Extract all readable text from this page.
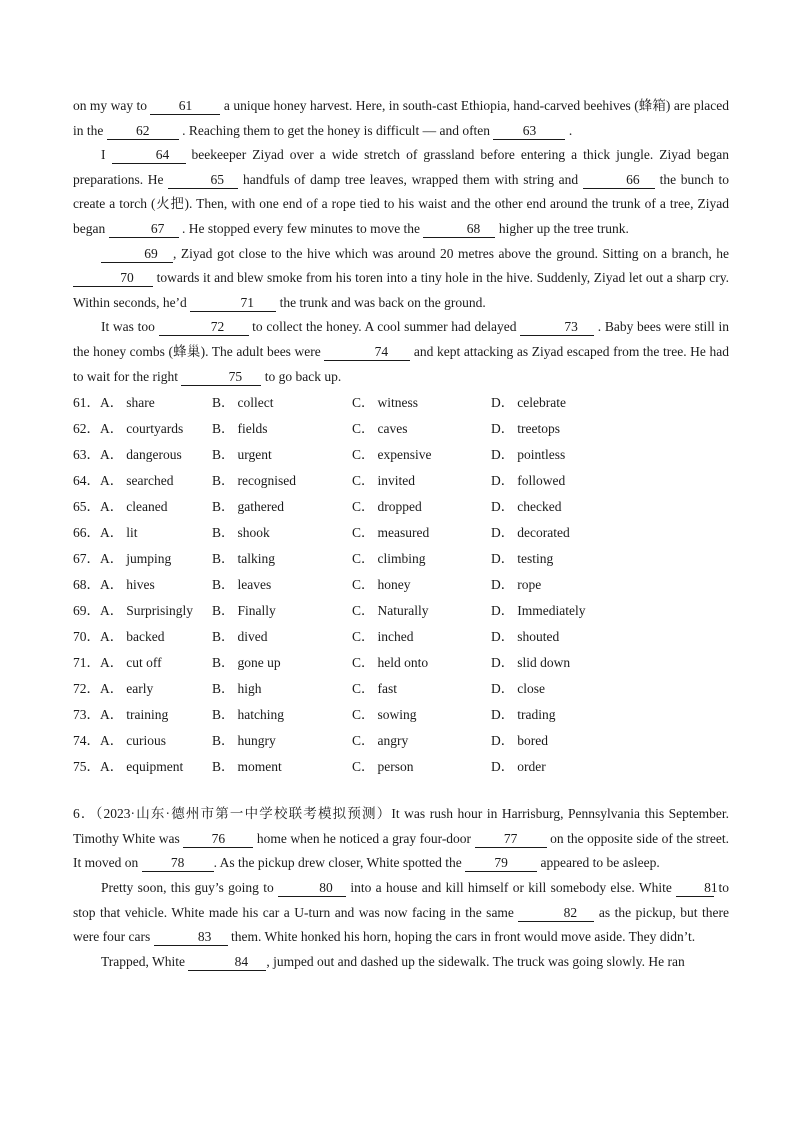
on my way to 61 a unique honey harvest. Here, in south-cast Ethiopia, hand-carved beehives (蜂箱) are placed in the 62 . Reaching them to get the honey is difficult — and often 63 .

I	64 beekeeper Ziyad over a wide stretch of grassland before entering a thick jungle. Ziyad began preparations. He	65 handfuls of damp tree leaves, wrapped them with string and	66 the bunch to create a torch (火把). Then, with one end of a rope tied to his waist and the other end around the trunk of a tree, Ziyad began	67 . He stopped every few minutes to move the	68 higher up the tree trunk.

69 , Ziyad got close to the hive which was around 20 metres above the ground. Sitting on a branch, he 70 towards it and blew smoke from his toren into a tiny hole in the hive. Suddenly, Ziyad let out a sharp cry. Within seconds, he’d	71 the trunk and was back on the ground.

It was too	72 to collect the honey. A cool summer had delayed	73 . Baby bees were still in the honey combs (蜂巢). The adult bees were	74 and kept attacking as Ziyad escaped from the tree. He had to wait for the right	75 to go back up.

61．A． share	B． collect	C． witness	D． celebrate
62．A． courtyards B． fields	C． caves	D． treetops
63．A． dangerous B． urgent	C． expensive	D． pointless
64．A． searched	B． recognised	C． invited	D． followed
65．A． cleaned	B． gathered	C． dropped	D． checked
66．A． lit	B． shook	C． measured	D． decorated
67．A． jumping	B． talking	C． climbing	D． testing
68．A． hives	B． leaves	C． honey	D． rope
69．A． Surprisingly B． Finally	C． Naturally	D． Immediately
70．A． backed	B． dived	C． inched	D． shouted
71．A． cut off	B． gone up	C． held onto	D． slid down
72．A． early	B． high	C． fast	D． close
73．A． training	B． hatching	C． sowing	D． trading
74．A． curious	B． hungry	C． angry	D． bored
75．A． equipment B． moment	C． person	D． order

6．（2023·山东·德州市第一中学校联考模拟预测）It was rush hour in Harrisburg, Pennsylvania this September. Timothy White was 76 home when he noticed a gray four-door 77 on the opposite side of the street. It moved on 78 . As the pickup drew closer, White spotted the 79 appeared to be asleep.

Pretty soon, this guy’s going to	80 into a house and kill himself or kill somebody else. White 81 to stop that vehicle. White made his car a U-turn and was now facing in the same	82 as the pickup, but there were four cars	83 them. White honked his horn, hoping the cars in front would move aside. They didn’t.

Trapped, White	84 , jumped out and dashed up the sidewalk. The truck was going slowly. He ran
